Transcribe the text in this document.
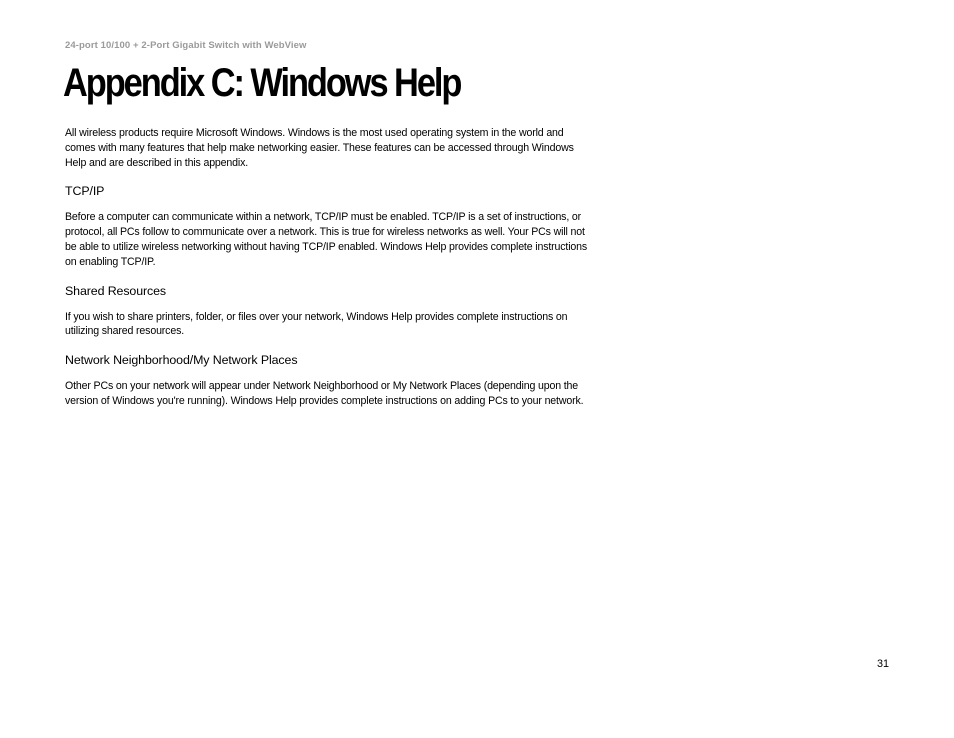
24-port 10/100 + 2-Port Gigabit Switch with WebView
Appendix C: Windows Help

All wireless products require Microsoft Windows. Windows is the most used operating system in the world and comes with many features that help make networking easier. These features can be accessed through Windows Help and are described in this appendix.

TCP/IP

Before a computer can communicate within a network, TCP/IP must be enabled. TCP/IP is a set of instructions, or protocol, all PCs follow to communicate over a network. This is true for wireless networks as well. Your PCs will not be able to utilize wireless networking without having TCP/IP enabled. Windows Help provides complete instructions on enabling TCP/IP.

Shared Resources

If you wish to share printers, folder, or files over your network, Windows Help provides complete instructions on utilizing shared resources.

Network Neighborhood/My Network Places

Other PCs on your network will appear under Network Neighborhood or My Network Places (depending upon the version of Windows you're running). Windows Help provides complete instructions on adding PCs to your network.

31
